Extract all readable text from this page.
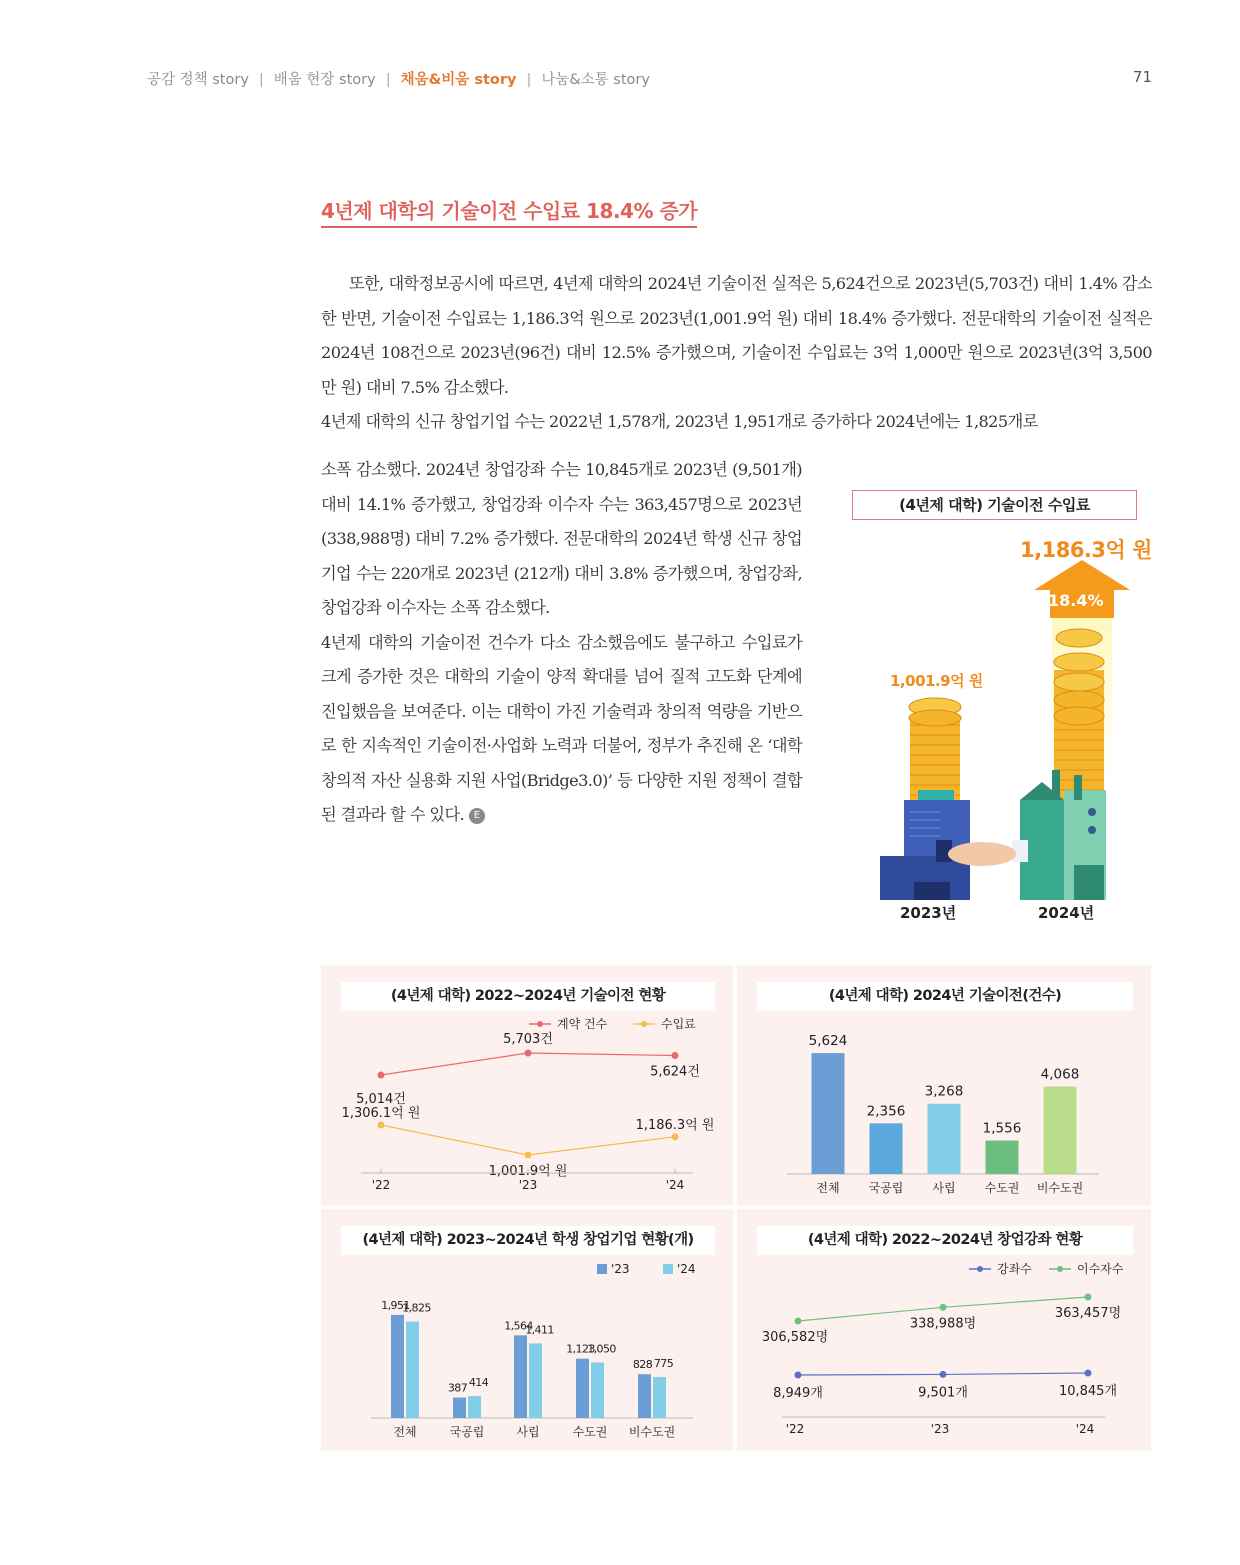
공감 정책 story | 배움 현장 story | 채움&비움 story | 나눔&소통 story	71
4년제 대학의 기술이전 수입료 18.4% 증가

또한, 대학정보공시에 따르면, 4년제 대학의 2024년 기술이전 실적은 5,624건으로 2023년(5,703건) 대비 1.4% 감소한 반면, 기술이전 수입료는 1,186.3억 원으로 2023년(1,001.9억 원) 대비 18.4% 증가했다. 전문대학의 기술이전 실적은 2024년 108건으로 2023년(96건) 대비 12.5% 증가했으며, 기술이전 수입료는 3억 1,000만 원으로 2023년(3억 3,500만 원) 대비 7.5% 감소했다.

4년제 대학의 신규 창업기업 수는 2022년 1,578개, 2023년 1,951개로 증가하다 2024년에는 1,825개로

소폭 감소했다. 2024년 창업강좌 수는 10,845개로 2023년 (9,501개) 대비 14.1% 증가했고, 창업강좌 이수자 수는 363,457명으로 2023년(338,988명) 대비 7.2% 증가했다. 전문대학의 2024년 학생 신규 창업기업 수는 220개로 2023년 (212개) 대비 3.8% 증가했으며, 창업강좌, 창업강좌 이수자는 소폭 감소했다.

4년제 대학의 기술이전 건수가 다소 감소했음에도 불구하고 수입료가 크게 증가한 것은 대학의 기술이 양적 확대를 넘어 질적 고도화 단계에 진입했음을 보여준다. 이는 대학이 가진 기술력과 창의적 역량을 기반으로 한 지속적인 기술이전·사업화 노력과 더불어, 정부가 추진해 온 ‘대학 창의적 자산 실용화 지원 사업(Bridge3.0)’ 등 다양한 지원 정책이 결합된 결과라 할 수 있다. E

(4년제 대학) 기술이전 수입료
1,186.3억 원
18.4%
1,001.9억 원
2023년	2024년
(4년제 대학) 2022~2024년 기술이전 현황
수입료
계약 건수
5,014건
5,703건
5,624건
1,306.1억 원
1,001.9억 원
1,186.3억 원
'22	'23	'24
(4년제 대학) 2024년 기술이전(건수)
5,624
전체
2,356
국공립
3,268
사립
1,556
수도권
4,068
비수도권
(4년제 대학) 2023~2024년 학생 창업기업 현황(개)
'24
'23
1,951
1,825
전체
387 414
국공립
1,564
1,411
사립
1,123
1,050
수도권
828 775
비수도권
(4년제 대학) 2022~2024년 창업강좌 현황
이수자수
강좌수
8,949개	9,501개	10,845개
306,582명
338,988명
363,457명
'22	'23	'24
